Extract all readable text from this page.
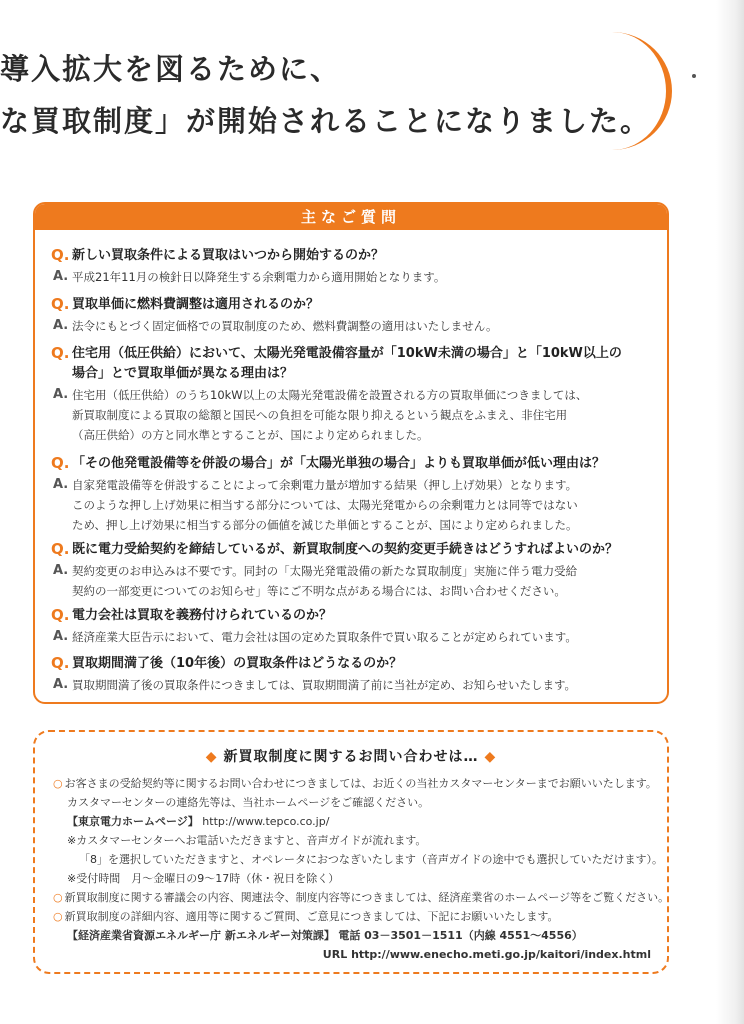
導入拡大を図るために、
な買取制度」が開始されることになりました。
主なご質問
Q. 新しい買取条件による買取はいつから開始するのか？
A. 平成21年11月の検針日以降発生する余剰電力から適用開始となります。
Q. 買取単価に燃料費調整は適用されるのか？
A. 法令にもとづく固定価格での買取制度のため、燃料費調整の適用はいたしません。
Q. 住宅用（低圧供給）において、太陽光発電設備容量が「10kW未満の場合」と「10kW以上の
場合」とで買取単価が異なる理由は？
A. 住宅用（低圧供給）のうち10kW以上の太陽光発電設備を設置される方の買取単価につきましては、
新買取制度による買取の総額と国民への負担を可能な限り抑えるという観点をふまえ、非住宅用
（高圧供給）の方と同水準とすることが、国により定められました。
Q. 「その他発電設備等を併設の場合」が「太陽光単独の場合」よりも買取単価が低い理由は？
A. 自家発電設備等を併設することによって余剰電力量が増加する結果（押し上げ効果）となります。
このような押し上げ効果に相当する部分については、太陽光発電からの余剰電力とは同等ではない
ため、押し上げ効果に相当する部分の価値を減じた単価とすることが、国により定められました。
Q. 既に電力受給契約を締結しているが、新買取制度への契約変更手続きはどうすればよいのか？
A. 契約変更のお申込みは不要です。同封の「太陽光発電設備の新たな買取制度」実施に伴う電力受給
契約の一部変更についてのお知らせ」等にご不明な点がある場合には、お問い合わせください。
Q. 電力会社は買取を義務付けられているのか？
A. 経済産業大臣告示において、電力会社は国の定めた買取条件で買い取ることが定められています。
Q. 買取期間満了後（10年後）の買取条件はどうなるのか？
A. 買取期間満了後の買取条件につきましては、買取期間満了前に当社が定め、お知らせいたします。
◆ 新買取制度に関するお問い合わせは… ◆
○ お客さまの受給契約等に関するお問い合わせにつきましては、お近くの当社カスタマーセンターまでお願いいたします。
カスタマーセンターの連絡先等は、当社ホームページをご確認ください。
【東京電力ホームページ】 http://www.tepco.co.jp/
※カスタマーセンターへお電話いただきますと、音声ガイドが流れます。
「8」を選択していただきますと、オペレータにおつなぎいたします（音声ガイドの途中でも選択していただけます）。
※受付時間　月～金曜日の9～17時（休・祝日を除く）
○ 新買取制度に関する審議会の内容、関連法令、制度内容等につきましては、経済産業省のホームページ等をご覧ください。
○ 新買取制度の詳細内容、適用等に関するご質問、ご意見につきましては、下記にお願いいたします。
【経済産業省資源エネルギー庁 新エネルギー対策課】 電話 03－3501－1511（内線 4551～4556）
URL http://www.enecho.meti.go.jp/kaitori/index.html
